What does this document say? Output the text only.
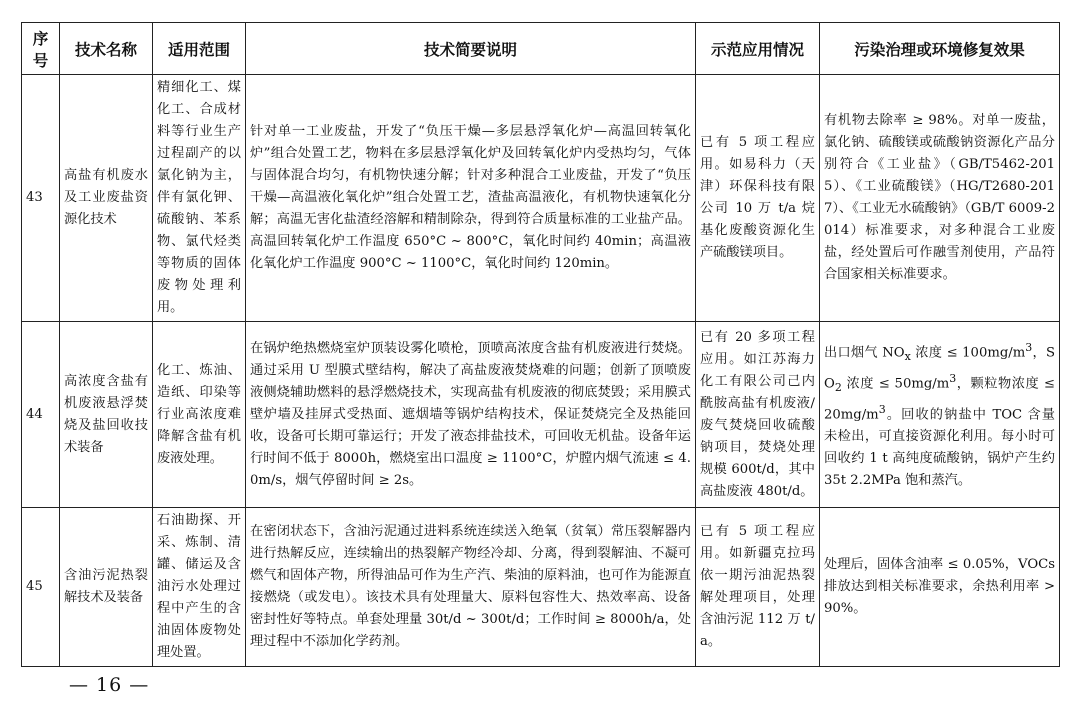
序号	技术名称	适用范围	技术简要说明	示范应用情况	污染治理或环境修复效果
43	高盐有机废水及工业废盐资源化技术	精细化工、煤化工、合成材料等行业生产过程副产的以氯化钠为主，伴有氯化钾、硫酸钠、苯系物、氯代烃类等物质的固体废物处理利用。	针对单一工业废盐，开发了“负压干燥—多层悬浮氧化炉—高温回转氧化炉”组合处置工艺，物料在多层悬浮氧化炉及回转氧化炉内受热均匀，气体与固体混合均匀，有机物快速分解；针对多种混合工业废盐，开发了“负压干燥—高温液化氧化炉”组合处置工艺，渣盐高温液化，有机物快速氧化分解；高温无害化盐渣经溶解和精制除杂，得到符合质量标准的工业盐产品。高温回转氧化炉工作温度 650°C ~ 800°C，氧化时间约 40min；高温液化氧化炉工作温度 900°C ~ 1100°C，氧化时间约 120min。	已有 5 项工程应用。如易科力（天津）环保科技有限公司 10 万 t/a 烷基化废酸资源化生产硫酸镁项目。	有机物去除率 ≥ 98%。对单一废盐，氯化钠、硫酸镁或硫酸钠资源化产品分别符合《工业盐》（GB/T5462-2015）、《工业硫酸镁》（HG/T2680-2017）、《工业无水硫酸钠》（GB/T 6009-2014）标准要求，对多种混合工业废盐，经处置后可作融雪剂使用，产品符合国家相关标准要求。
44	高浓度含盐有机废液悬浮焚烧及盐回收技术装备	化工、炼油、造纸、印染等行业高浓度难降解含盐有机废液处理。	在锅炉绝热燃烧室炉顶装设雾化喷枪，顶喷高浓度含盐有机废液进行焚烧。通过采用 U 型膜式壁结构，解决了高盐废液焚烧难的问题；创新了顶喷废液侧烧辅助燃料的悬浮燃烧技术，实现高盐有机废液的彻底焚毁；采用膜式壁炉墙及挂屏式受热面、遮烟墙等锅炉结构技术，保证焚烧完全及热能回收，设备可长期可靠运行；开发了液态排盐技术，可回收无机盐。设备年运行时间不低于 8000h，燃烧室出口温度 ≥ 1100°C，炉膛内烟气流速 ≤ 4.0m/s，烟气停留时间 ≥ 2s。	已有 20 多项工程应用。如江苏海力化工有限公司己内酰胺高盐有机废液/废气焚烧回收硫酸钠项目，焚烧处理规模 600t/d，其中高盐废液 480t/d。	出口烟气 $NO_x$ 浓度 ≤ $100mg/m^3$，$SO_2$ 浓度 ≤ $50mg/m^3$，颗粒物浓度 ≤ $20mg/m^3$。回收的钠盐中 TOC 含量未检出，可直接资源化利用。每小时可回收约 1 t 高纯度硫酸钠，锅炉产生约 35t 2.2MPa 饱和蒸汽。
45	含油污泥热裂解技术及装备	石油勘探、开采、炼制、清罐、储运及含油污水处理过程中产生的含油固体废物处理处置。	在密闭状态下，含油污泥通过进料系统连续送入绝氧（贫氧）常压裂解器内进行热解反应，连续输出的热裂解产物经冷却、分离，得到裂解油、不凝可燃气和固体产物，所得油品可作为生产汽、柴油的原料油，也可作为能源直接燃烧（或发电）。该技术具有处理量大、原料包容性大、热效率高、设备密封性好等特点。单套处理量 30t/d ~ 300t/d；工作时间 ≥ 8000h/a，处理过程中不添加化学药剂。	已有 5 项工程应用。如新疆克拉玛依一期污油泥热裂解处理项目，处理含油污泥 112 万 t/a。	处理后，固体含油率 ≤ 0.05%，VOCs 排放达到相关标准要求，余热利用率 > 90%。
— 16 —
